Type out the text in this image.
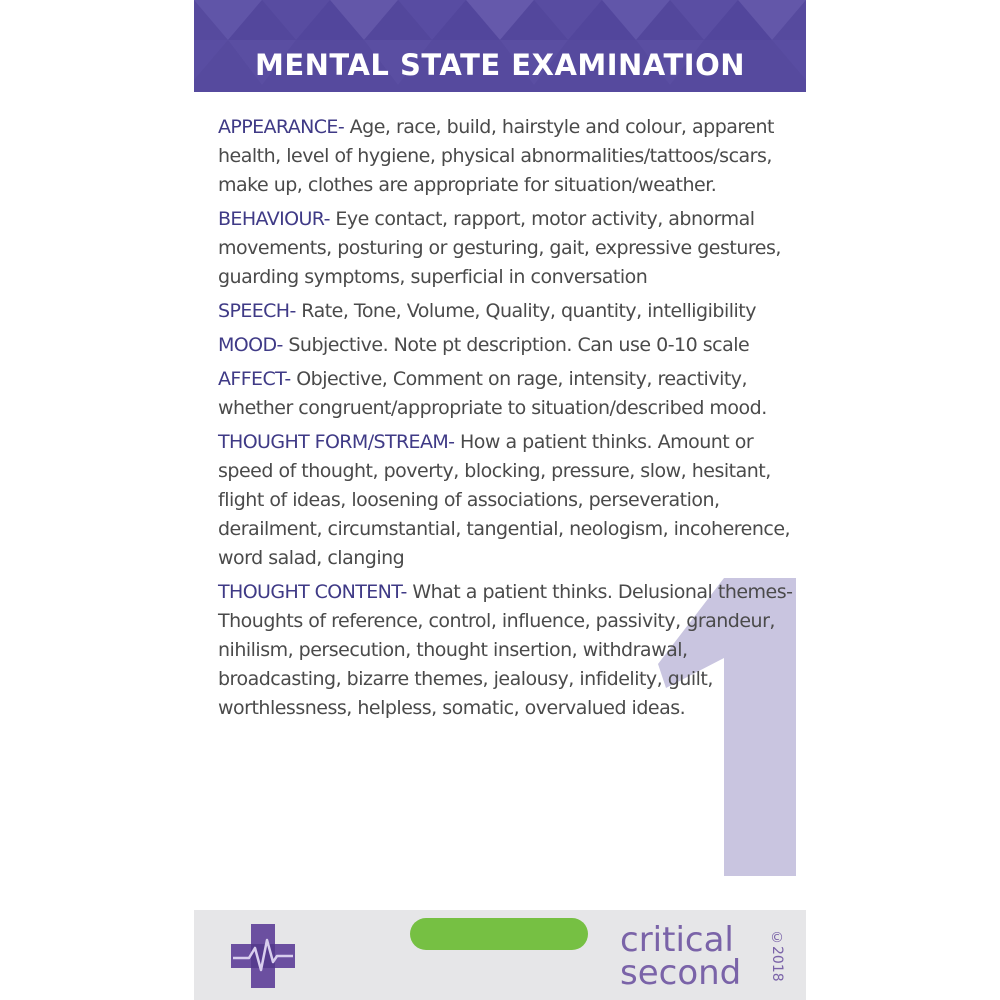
MENTAL STATE EXAMINATION

APPEARANCE- Age, race, build, hairstyle and colour, apparent health, level of hygiene, physical abnormalities/tattoos/scars, make up, clothes are appropriate for situation/weather.

BEHAVIOUR- Eye contact, rapport, motor activity, abnormal movements, posturing or gesturing, gait, expressive gestures, guarding symptoms, superficial in conversation

SPEECH- Rate, Tone, Volume, Quality, quantity, intelligibility

MOOD- Subjective. Note pt description. Can use 0-10 scale

AFFECT- Objective, Comment on rage, intensity, reactivity, whether congruent/appropriate to situation/described mood.

THOUGHT FORM/STREAM- How a patient thinks. Amount or speed of thought, poverty, blocking, pressure, slow, hesitant, flight of ideas, loosening of associations, perseveration, derailment, circumstantial, tangential, neologism, incoherence, word salad, clanging

THOUGHT CONTENT- What a patient thinks. Delusional themes- Thoughts of reference, control, influence, passivity, grandeur, nihilism, persecution, thought insertion, withdrawal, broadcasting, bizarre themes, jealousy, infidelity, guilt, worthlessness, helpless, somatic, overvalued ideas.

critical
second	©2018
